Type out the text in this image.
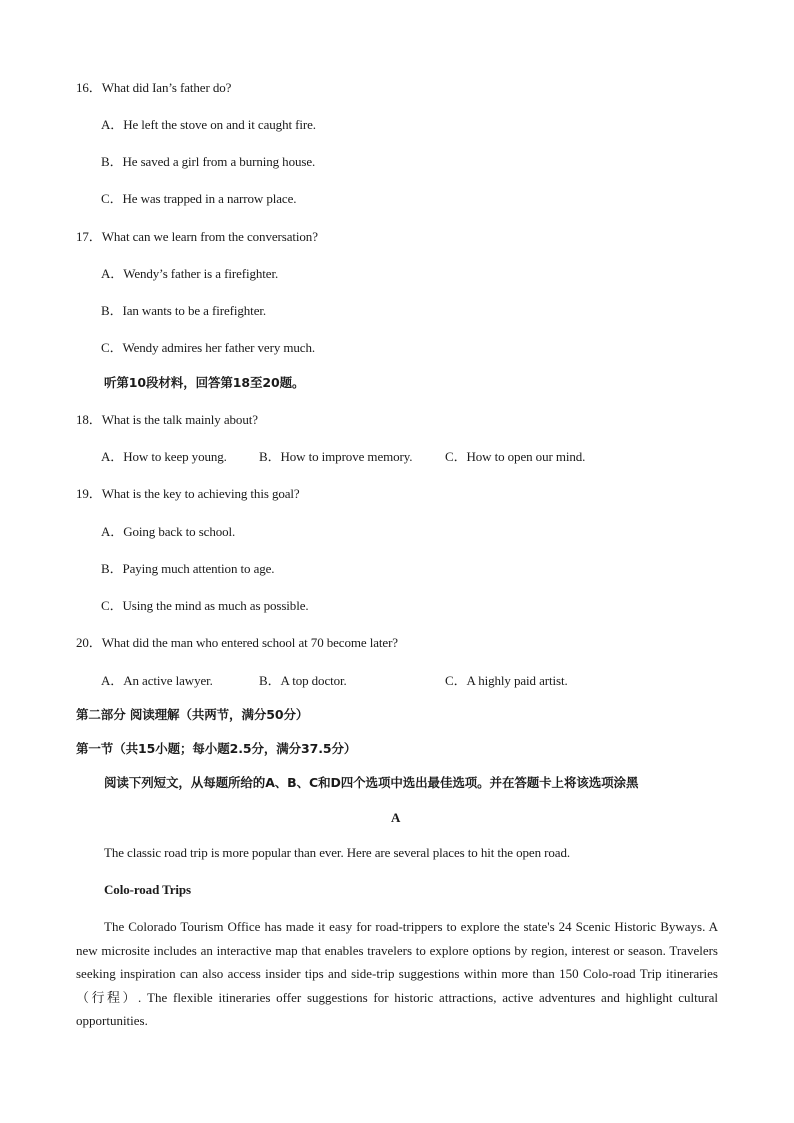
16．What did Ian’s father do?
A．He left the stove on and it caught fire.
B．He saved a girl from a burning house.
C．He was trapped in a narrow place.
17．What can we learn from the conversation?
A．Wendy’s father is a firefighter.
B．Ian wants to be a firefighter.
C．Wendy admires her father very much.
听第10段材料，回答第18至20题。
18．What is the talk mainly about?
A．How to keep young. B．How to improve memory.	C．How to open our mind.
19．What is the key to achieving this goal?
A．Going back to school.
B．Paying much attention to age.
C．Using the mind as much as possible.
20．What did the man who entered school at 70 become later?
A．An active lawyer.	B．A top doctor.	C．A highly paid artist.
第二部分 阅读理解（共两节，满分50分）
第一节（共15小题；每小题2.5分，满分37.5分）
阅读下列短文，从每题所给的A、B、C和D四个选项中选出最佳选项。并在答题卡上将该选项涂黑
A
The classic road trip is more popular than ever. Here are several places to hit the open road.
Colo-road Trips
The Colorado Tourism Office has made it easy for road-trippers to explore the state's 24 Scenic Historic Byways. A new microsite includes an interactive map that enables travelers to explore options by region, interest or season. Travelers seeking inspiration can also access insider tips and side-trip suggestions within more than 150 Colo-road Trip itineraries（行程）. The flexible itineraries offer suggestions for historic attractions, active adventures and highlight cultural opportunities.
